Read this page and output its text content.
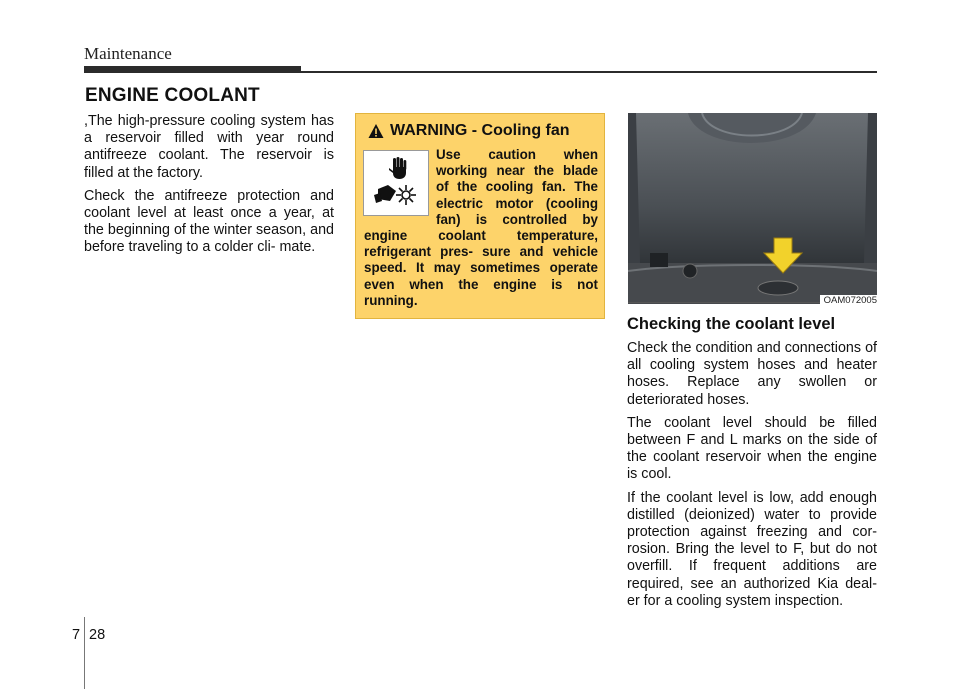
Maintenance
ENGINE COOLANT

,The high-pressure cooling system has a reservoir filled with year round antifreeze coolant. The reservoir is filled at the factory.

Check the antifreeze protection and coolant level at least once a year, at the beginning of the winter season, and before traveling to a colder cli- mate.

WARNING - Cooling fan
Use caution when working near the blade of the cooling fan. The electric motor (cooling fan) is controlled by engine coolant temperature, refrigerant pres- sure and vehicle speed. It may sometimes operate even when the engine is not running.	OAM072005
Checking the coolant level

Check the condition and connections of all cooling system hoses and heater hoses. Replace any swollen or deteriorated hoses.

The coolant level should be filled between F and L marks on the side of the coolant reservoir when the engine is cool.

If the coolant level is low, add enough distilled (deionized) water to provide protection against freezing and cor- rosion. Bring the level to F, but do not overfill. If frequent additions are required, see an authorized Kia deal- er for a cooling system inspection.

7 28
